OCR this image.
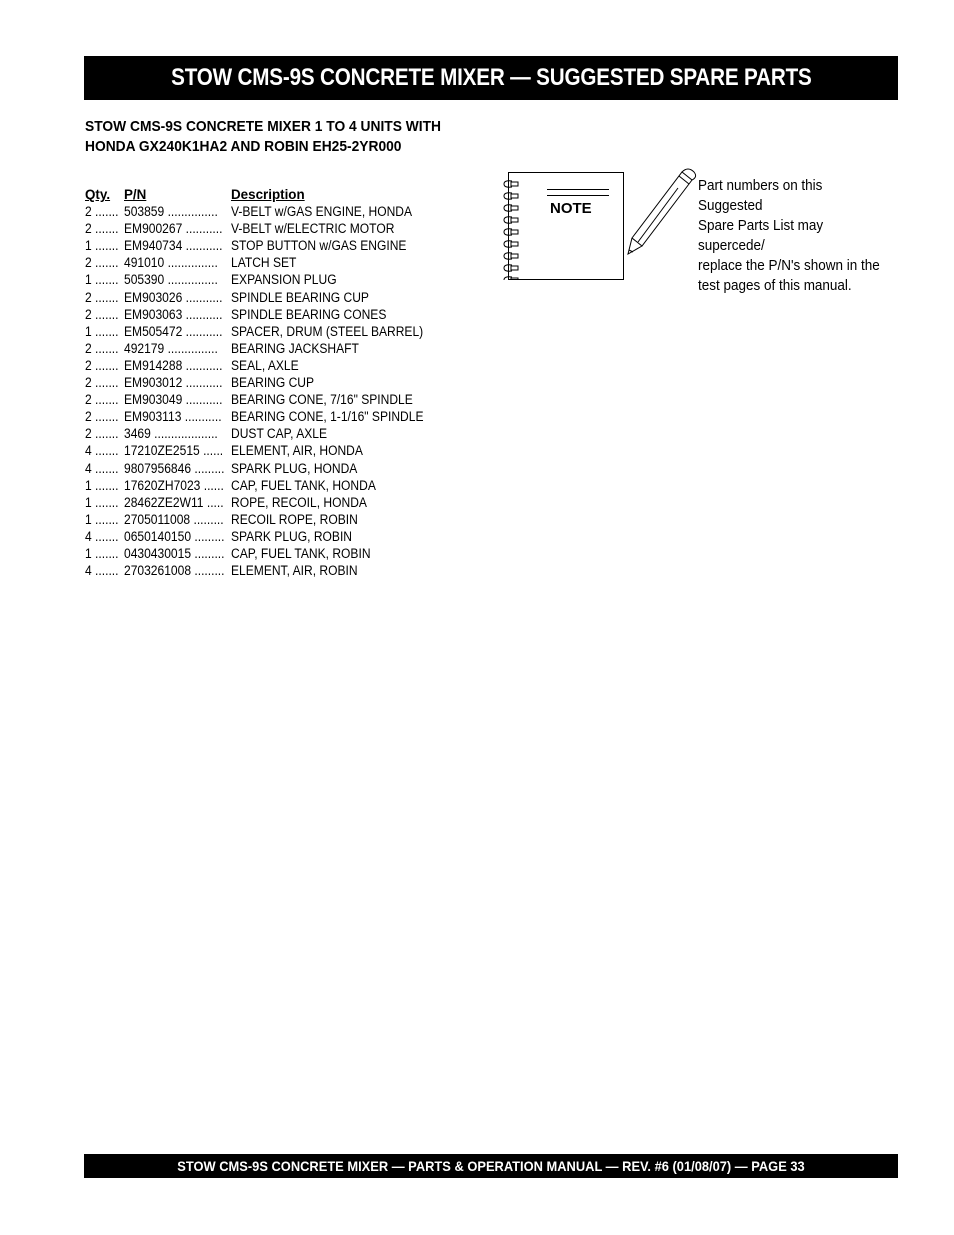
STOW CMS-9S CONCRETE MIXER — SUGGESTED SPARE PARTS
STOW CMS-9S CONCRETE MIXER 1 TO 4 UNITS WITH
HONDA GX240K1HA2 AND ROBIN EH25-2YR000
Qty. P/N	Description
2 ....... 503859 ............... V-BELT w/GAS ENGINE, HONDA
2 ....... EM900267 ........... V-BELT w/ELECTRIC MOTOR
1 ....... EM940734 ........... STOP BUTTON w/GAS ENGINE
2 ....... 491010 ............... LATCH SET
1 ....... 505390 ............... EXPANSION PLUG
2 ....... EM903026 ........... SPINDLE BEARING CUP
2 ....... EM903063 ........... SPINDLE BEARING CONES
1 ....... EM505472 ........... SPACER, DRUM (STEEL BARREL)
2 ....... 492179 ............... BEARING JACKSHAFT
2 ....... EM914288 ........... SEAL, AXLE
2 ....... EM903012 ........... BEARING CUP
2 ....... EM903049 ........... BEARING CONE, 7/16" SPINDLE
2 ....... EM903113 ........... BEARING CONE, 1-1/16" SPINDLE
2 ....... 3469 ................... DUST CAP, AXLE
4 ....... 17210ZE2515 ...... ELEMENT, AIR, HONDA
4 ....... 9807956846 ......... SPARK PLUG, HONDA
1 ....... 17620ZH7023 ...... CAP, FUEL TANK, HONDA
1 ....... 28462ZE2W11 ..... ROPE, RECOIL, HONDA
1 ....... 2705011008 ......... RECOIL ROPE, ROBIN
4 ....... 0650140150 ......... SPARK PLUG, ROBIN
1 ....... 0430430015 ......... CAP, FUEL TANK, ROBIN
4 ....... 2703261008 ......... ELEMENT, AIR, ROBIN
NOTE
Part numbers on this Suggested
Spare Parts List may supercede/
replace the P/N's shown in the
test pages of this manual.
STOW CMS-9S CONCRETE MIXER — PARTS & OPERATION MANUAL — REV. #6 (01/08/07) — PAGE 33
